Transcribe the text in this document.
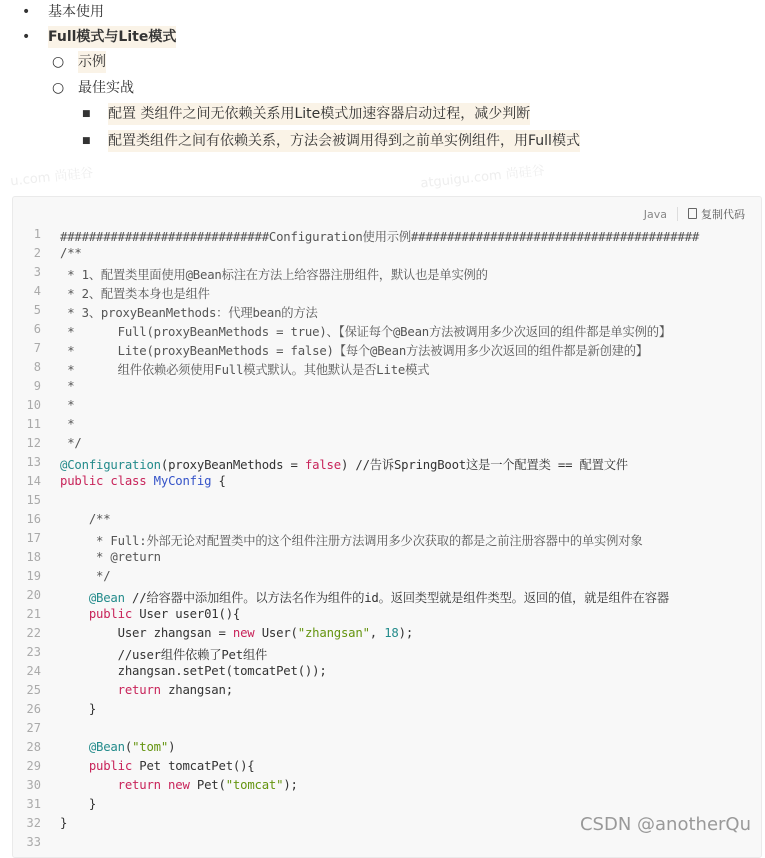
•	基本使用
•	Full模式与Lite模式
○ 示例
○ 最佳实战
■	配置 类组件之间无依赖关系用Lite模式加速容器启动过程，减少判断
■	配置类组件之间有依赖关系，方法会被调用得到之前单实例组件，用Full模式
u.com 尚硅谷	atguigu.com 尚硅谷
Java	复制代码
1 #############################Configuration使用示例########################################
2 /**
3 * 1、配置类里面使用@Bean标注在方法上给容器注册组件，默认也是单实例的
4 * 2、配置类本身也是组件
5 * 3、proxyBeanMethods：代理bean的方法
6 *      Full(proxyBeanMethods = true)、【保证每个@Bean方法被调用多少次返回的组件都是单实例的】
7 *      Lite(proxyBeanMethods = false)【每个@Bean方法被调用多少次返回的组件都是新创建的】
8 *      组件依赖必须使用Full模式默认。其他默认是否Lite模式
9 *
10 *
11 *
12 */
13 @Configuration(proxyBeanMethods = false) //告诉SpringBoot这是一个配置类 == 配置文件
14 public class MyConfig {
15
16 /**
17 * Full:外部无论对配置类中的这个组件注册方法调用多少次获取的都是之前注册容器中的单实例对象
18 * @return
19 */
20 @Bean //给容器中添加组件。以方法名作为组件的id。返回类型就是组件类型。返回的值，就是组件在容器
21 public User user01(){
22 User zhangsan = new User("zhangsan", 18);
23 //user组件依赖了Pet组件
24 zhangsan.setPet(tomcatPet());
25 return zhangsan;
26 }
27
28 @Bean("tom")
29 public Pet tomcatPet(){
30 return new Pet("tomcat");
31 }
32 }
33
CSDN @anotherQu
